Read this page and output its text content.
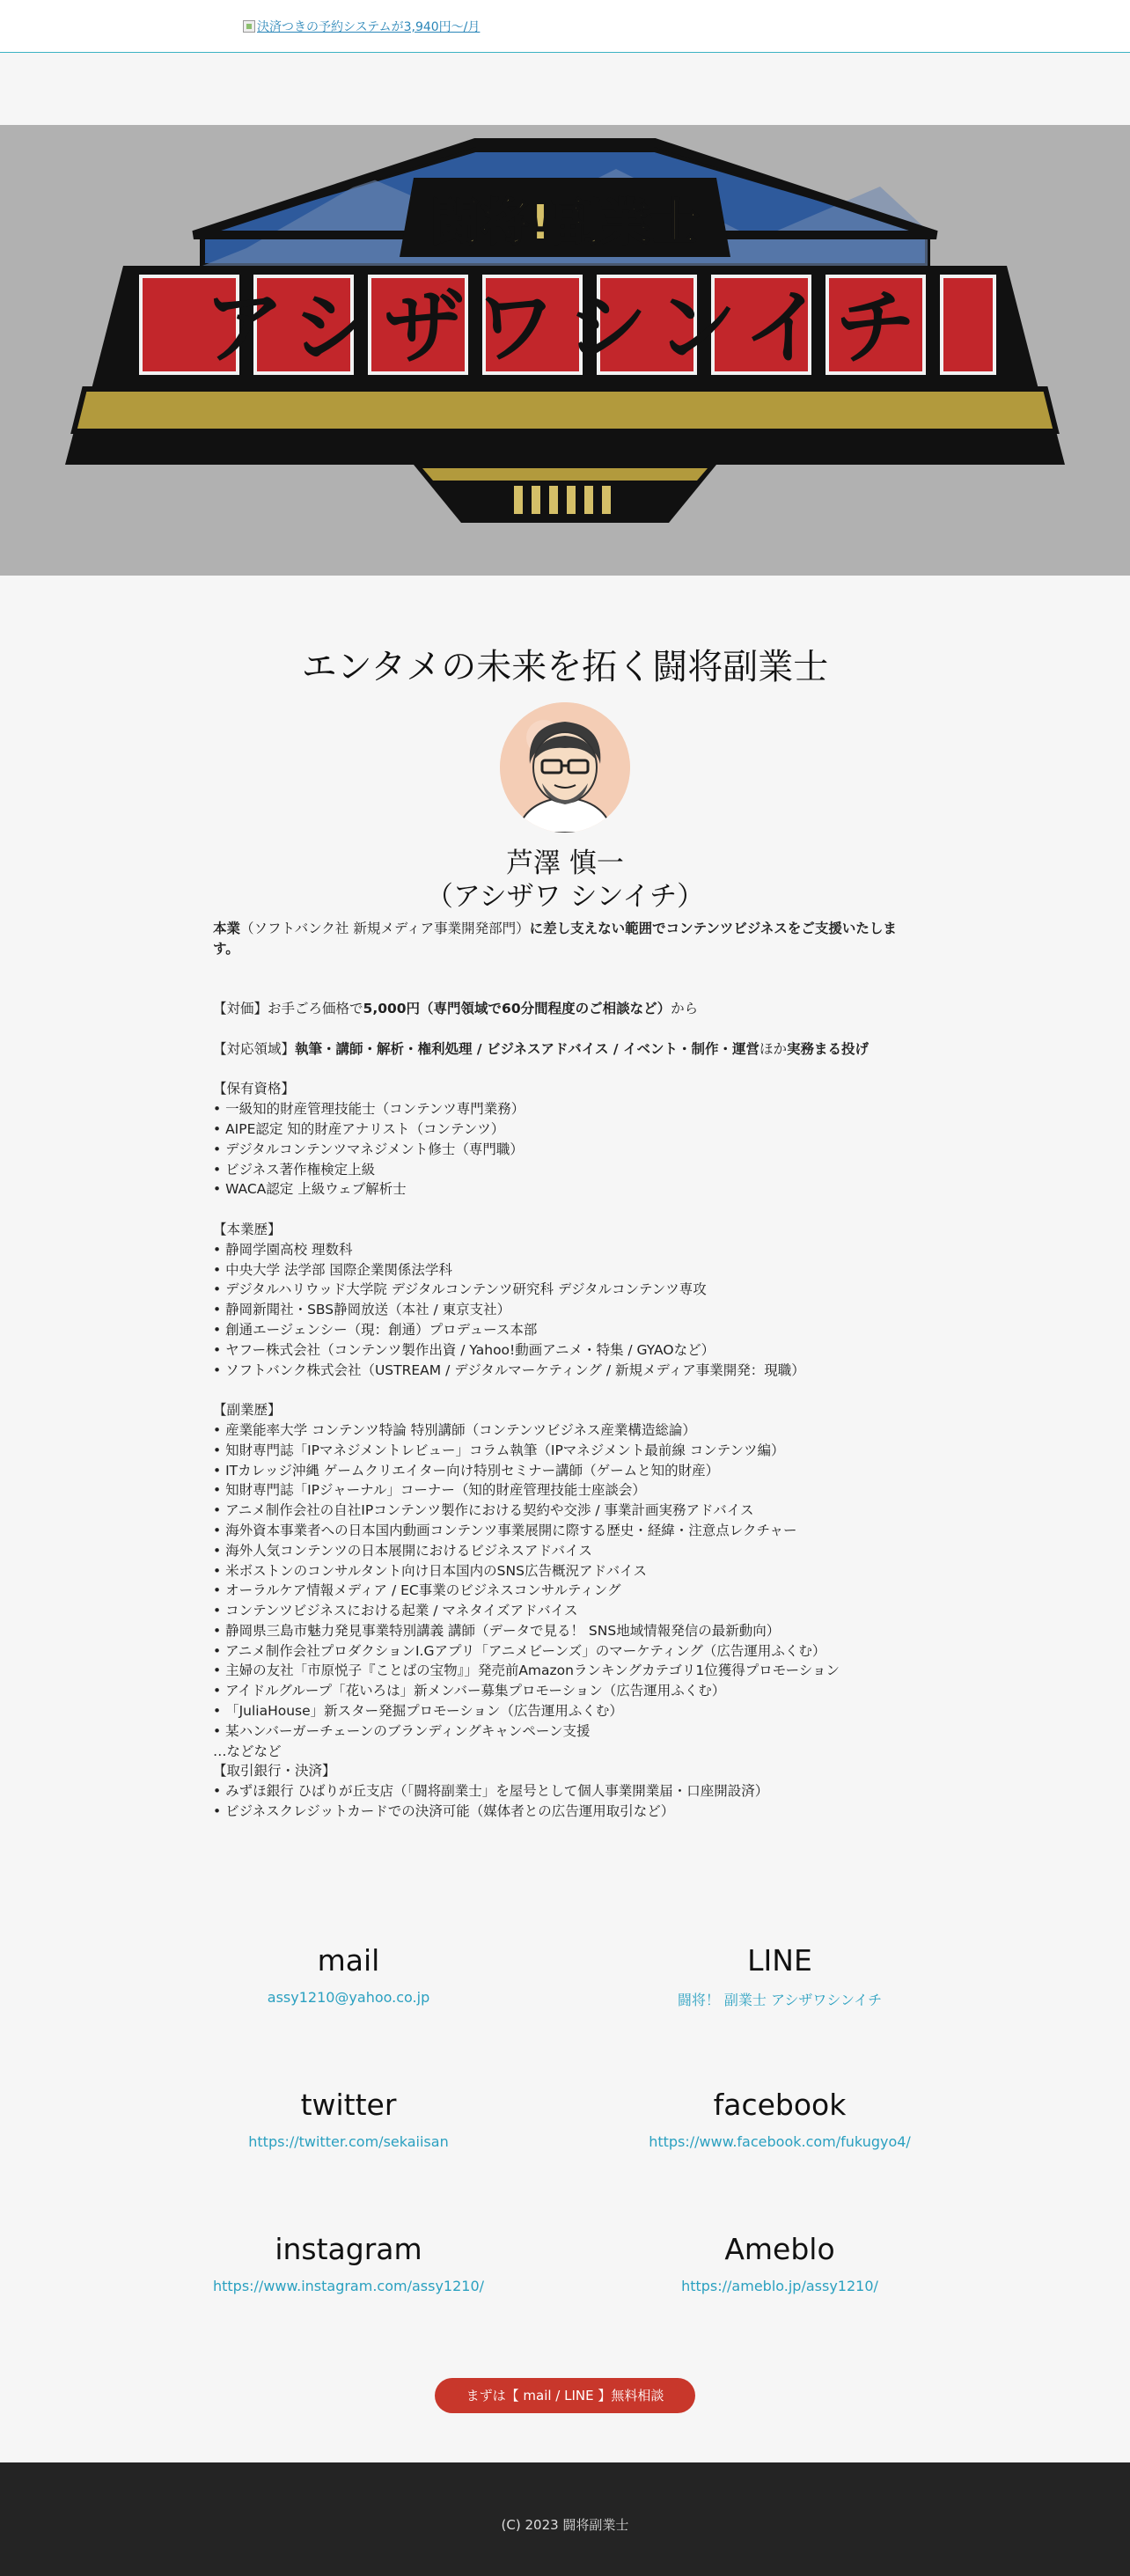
決済つきの予約システムが3,940円〜/月
闘将!副業士
アシザワシンイチ
エンタメの未来を拓く闘将副業士
芦澤 慎一
（アシザワ シンイチ）

本業（ソフトバンク社 新規メディア事業開発部門）に差し支えない範囲でコンテンツビジネスをご支援いたします。

【対価】お手ごろ価格で5,000円（専門領域で60分間程度のご相談など）から

【対応領域】執筆・講師・解析・権利処理 / ビジネスアドバイス / イベント・制作・運営ほか実務まる投げ

【保有資格】

• 一級知的財産管理技能士（コンテンツ専門業務）

• AIPE認定 知的財産アナリスト（コンテンツ）

• デジタルコンテンツマネジメント修士（専門職）

• ビジネス著作権検定上級

• WACA認定 上級ウェブ解析士

【本業歴】

• 静岡学園高校 理数科

• 中央大学 法学部 国際企業関係法学科

• デジタルハリウッド大学院 デジタルコンテンツ研究科 デジタルコンテンツ専攻

• 静岡新聞社・SBS静岡放送（本社 / 東京支社）

• 創通エージェンシー（現：創通）プロデュース本部

• ヤフー株式会社（コンテンツ製作出資 / Yahoo!動画アニメ・特集 / GYAOなど）

• ソフトバンク株式会社（USTREAM / デジタルマーケティング / 新規メディア事業開発：現職）

【副業歴】

• 産業能率大学 コンテンツ特論 特別講師（コンテンツビジネス産業構造総論）

• 知財専門誌「IPマネジメントレビュー」コラム執筆（IPマネジメント最前線 コンテンツ編）

• ITカレッジ沖縄 ゲームクリエイター向け特別セミナー講師（ゲームと知的財産）

• 知財専門誌「IPジャーナル」コーナー（知的財産管理技能士座談会）

• アニメ制作会社の自社IPコンテンツ製作における契約や交渉 / 事業計画実務アドバイス

• 海外資本事業者への日本国内動画コンテンツ事業展開に際する歴史・経緯・注意点レクチャー

• 海外人気コンテンツの日本展開におけるビジネスアドバイス

• 米ボストンのコンサルタント向け日本国内のSNS広告概況アドバイス

• オーラルケア情報メディア / EC事業のビジネスコンサルティング

• コンテンツビジネスにおける起業 / マネタイズアドバイス

• 静岡県三島市魅力発見事業特別講義 講師（データで見る！ SNS地域情報発信の最新動向）

• アニメ制作会社プロダクションI.Gアプリ「アニメビーンズ」のマーケティング（広告運用ふくむ）

• 主婦の友社「市原悦子『ことばの宝物』」発売前Amazonランキングカテゴリ1位獲得プロモーション

• アイドルグループ「花いろは」新メンバー募集プロモーション（広告運用ふくむ）

• 「JuliaHouse」新スター発掘プロモーション（広告運用ふくむ）

• 某ハンバーガーチェーンのブランディングキャンペーン支援

…などなど

【取引銀行・決済】

• みずほ銀行 ひばりが丘支店（「闘将副業士」を屋号として個人事業開業届・口座開設済）

• ビジネスクレジットカードでの決済可能（媒体者との広告運用取引など）

mail
assy1210@yahoo.co.jp
LINE
闘将！ 副業士 アシザワシンイチ
twitter
https://twitter.com/sekaiisan
facebook
https://www.facebook.com/fukugyo4/
instagram
https://www.instagram.com/assy1210/
Ameblo
https://ameblo.jp/assy1210/
まずは【 mail / LINE 】無料相談
(C) 2023 闘将副業士
